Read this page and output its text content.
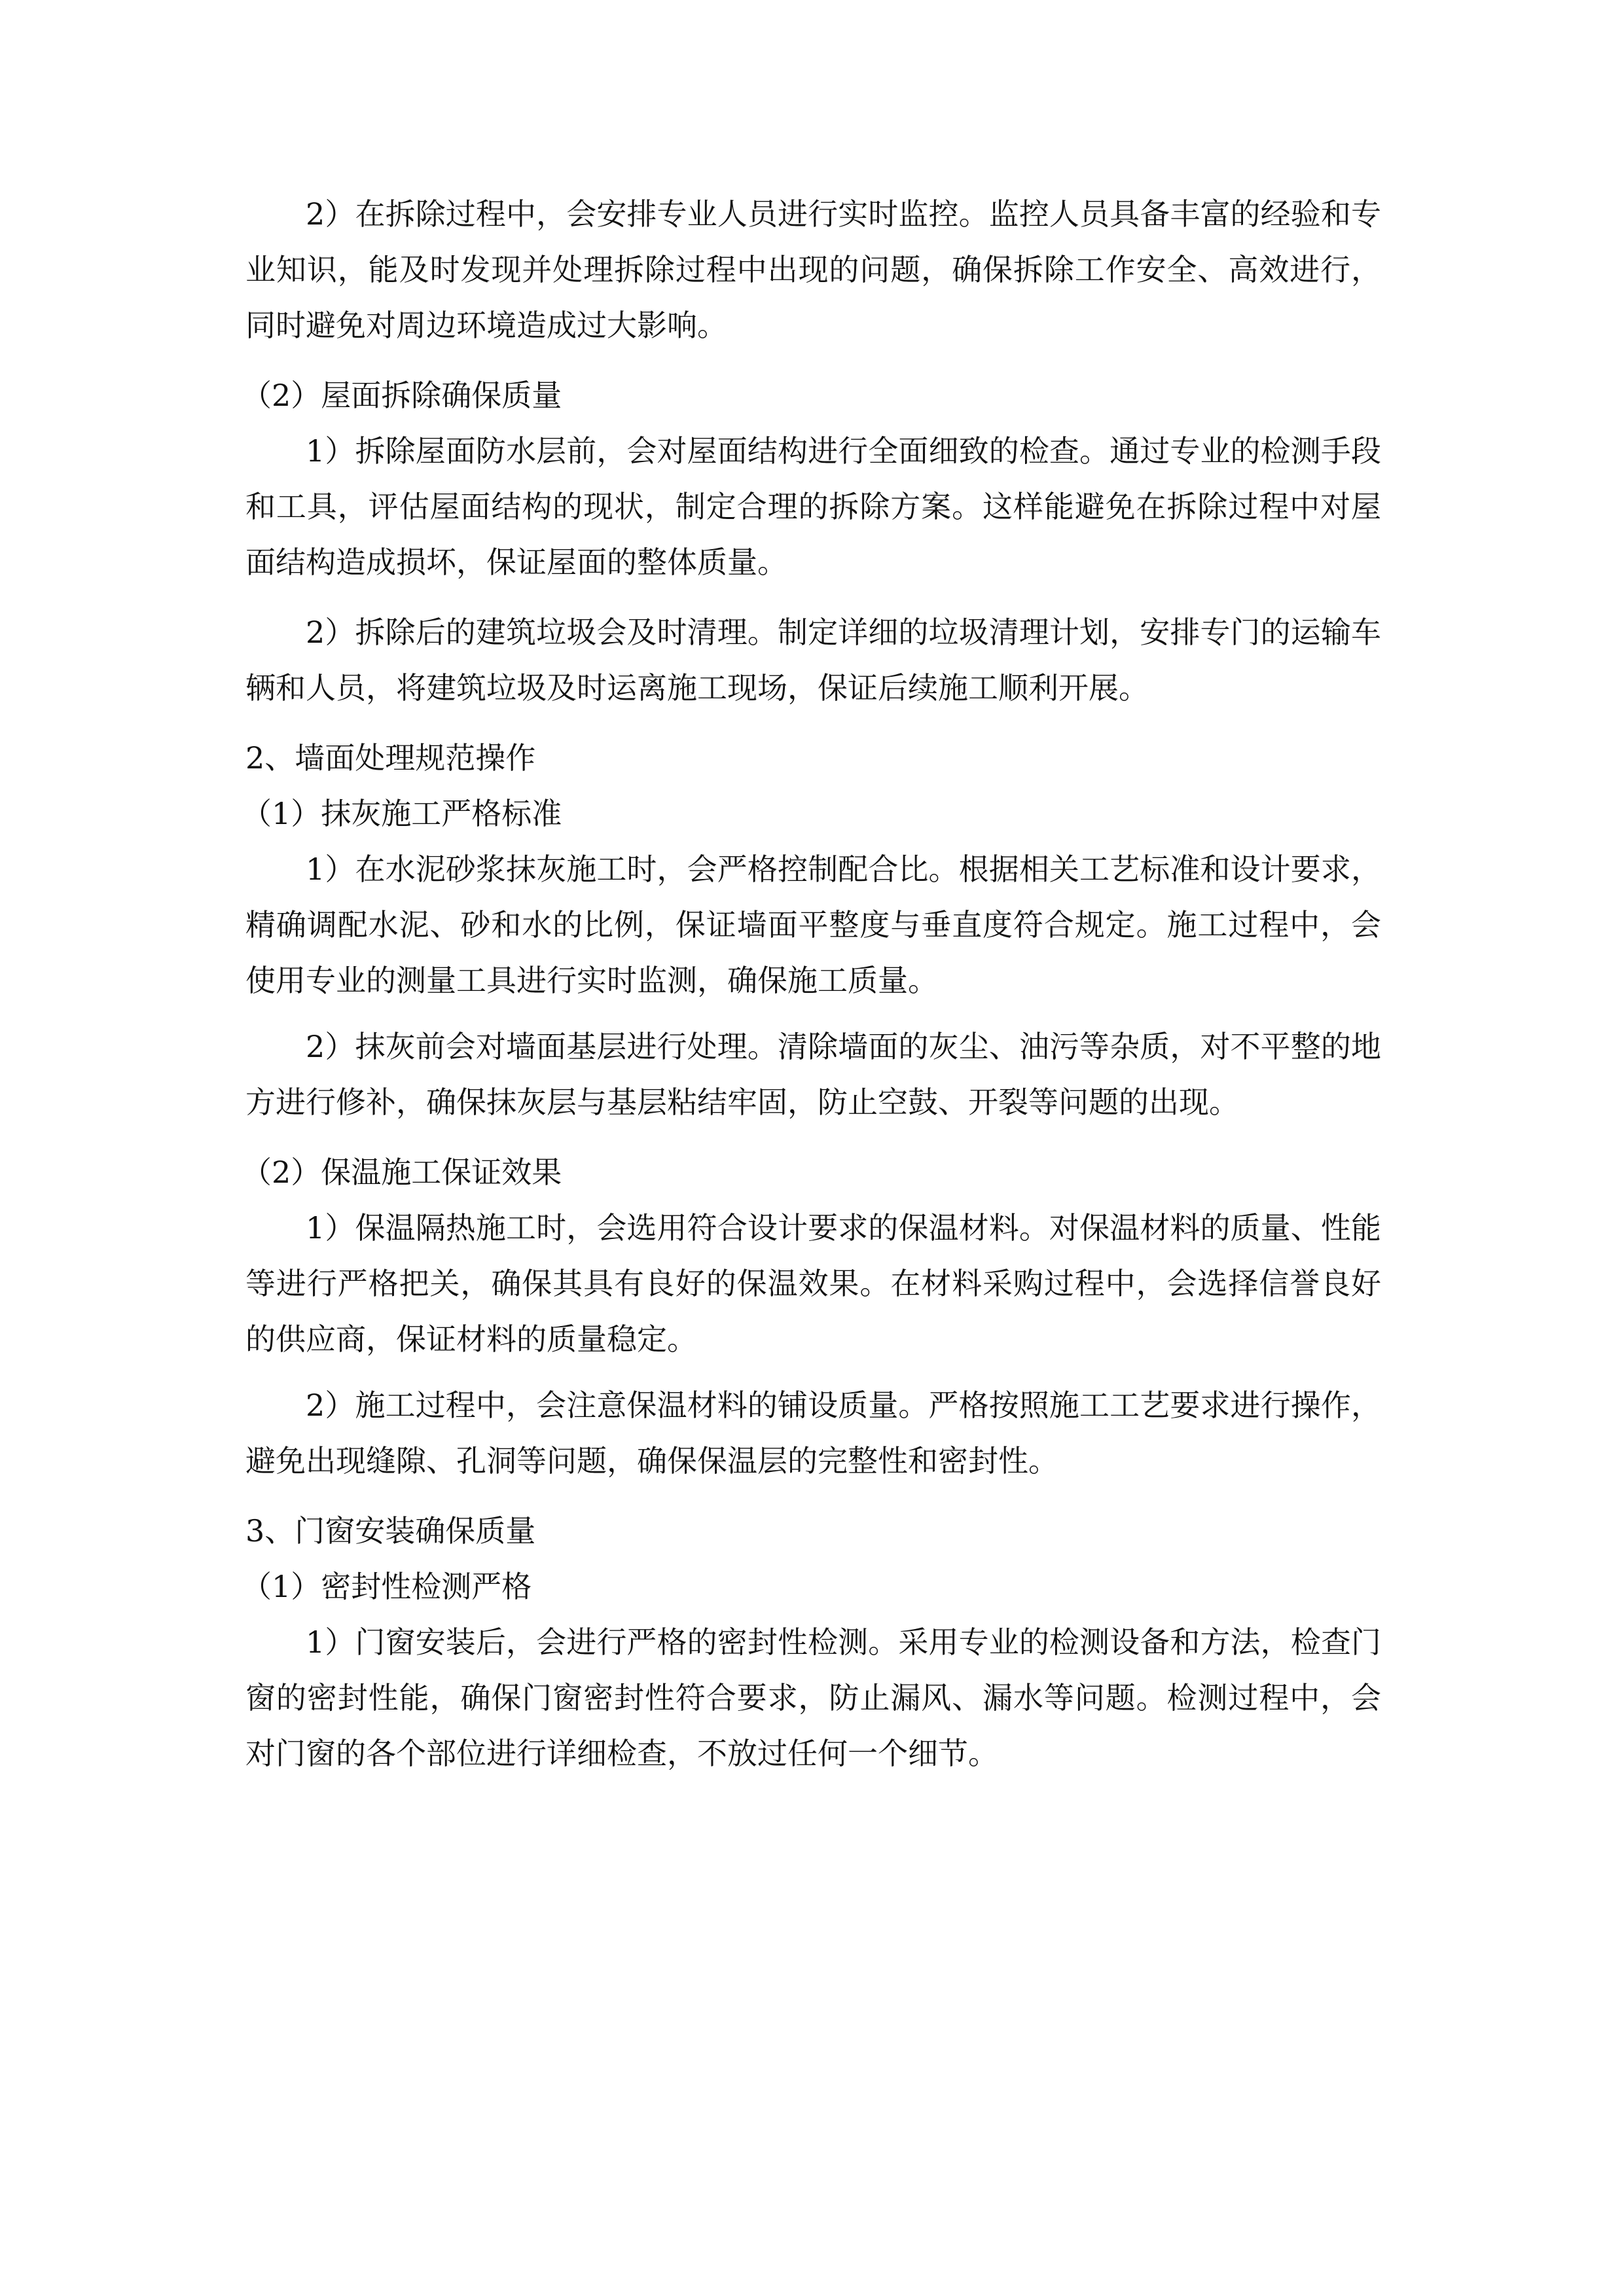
2）在拆除过程中，会安排专业人员进行实时监控。监控人员具备丰富的经验和专业知识，能及时发现并处理拆除过程中出现的问题，确保拆除工作安全、高效进行，同时避免对周边环境造成过大影响。

（2）屋面拆除确保质量

1）拆除屋面防水层前，会对屋面结构进行全面细致的检查。通过专业的检测手段和工具，评估屋面结构的现状，制定合理的拆除方案。这样能避免在拆除过程中对屋面结构造成损坏，保证屋面的整体质量。

2）拆除后的建筑垃圾会及时清理。制定详细的垃圾清理计划，安排专门的运输车辆和人员，将建筑垃圾及时运离施工现场，保证后续施工顺利开展。

2、墙面处理规范操作

（1）抹灰施工严格标准

1）在水泥砂浆抹灰施工时，会严格控制配合比。根据相关工艺标准和设计要求，精确调配水泥、砂和水的比例，保证墙面平整度与垂直度符合规定。施工过程中，会使用专业的测量工具进行实时监测，确保施工质量。

2）抹灰前会对墙面基层进行处理。清除墙面的灰尘、油污等杂质，对不平整的地方进行修补，确保抹灰层与基层粘结牢固，防止空鼓、开裂等问题的出现。

（2）保温施工保证效果

1）保温隔热施工时，会选用符合设计要求的保温材料。对保温材料的质量、性能等进行严格把关，确保其具有良好的保温效果。在材料采购过程中，会选择信誉良好的供应商，保证材料的质量稳定。

2）施工过程中，会注意保温材料的铺设质量。严格按照施工工艺要求进行操作，避免出现缝隙、孔洞等问题，确保保温层的完整性和密封性。

3、门窗安装确保质量

（1）密封性检测严格

1）门窗安装后，会进行严格的密封性检测。采用专业的检测设备和方法，检查门窗的密封性能，确保门窗密封性符合要求，防止漏风、漏水等问题。检测过程中，会对门窗的各个部位进行详细检查，不放过任何一个细节。
